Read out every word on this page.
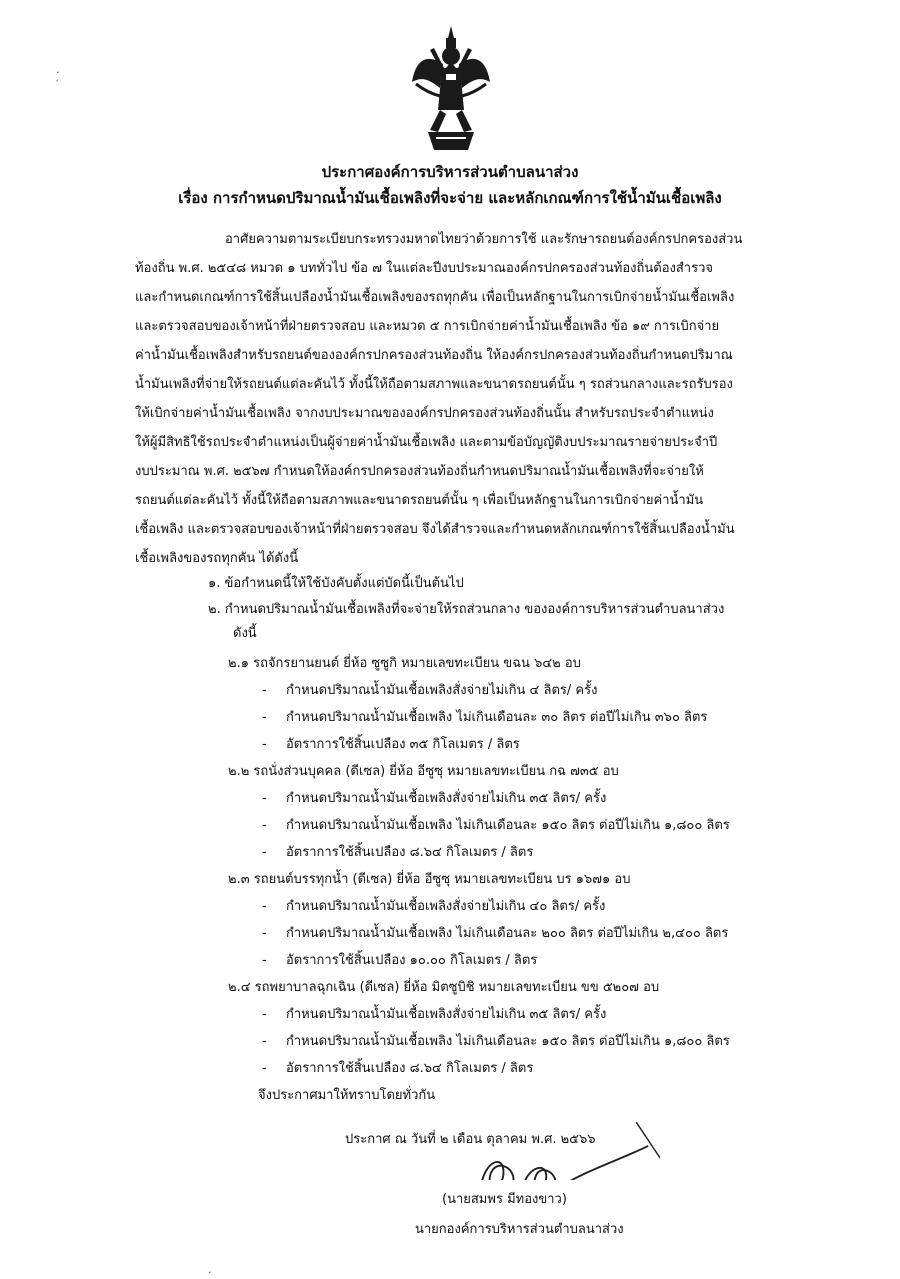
ประกาศองค์การบริหารส่วนตำบลนาส่วง
เรื่อง การกำหนดปริมาณน้ำมันเชื้อเพลิงที่จะจ่าย และหลักเกณฑ์การใช้น้ำมันเชื้อเพลิง
อาศัยความตามระเบียบกระทรวงมหาดไทยว่าด้วยการใช้ และรักษารถยนต์องค์กรปกครองส่วน
ท้องถิ่น พ.ศ. ๒๕๔๘ หมวด ๑ บททั่วไป ข้อ ๗ ในแต่ละปีงบประมาณองค์กรปกครองส่วนท้องถิ่นต้องสำรวจ
และกำหนดเกณฑ์การใช้สิ้นเปลืองน้ำมันเชื้อเพลิงของรถทุกคัน เพื่อเป็นหลักฐานในการเบิกจ่ายน้ำมันเชื้อเพลิง
และตรวจสอบของเจ้าหน้าที่ฝ่ายตรวจสอบ และหมวด ๕ การเบิกจ่ายค่าน้ำมันเชื้อเพลิง ข้อ ๑๙ การเบิกจ่าย
ค่าน้ำมันเชื้อเพลิงสำหรับรถยนต์ขององค์กรปกครองส่วนท้องถิ่น ให้องค์กรปกครองส่วนท้องถิ่นกำหนดปริมาณ
น้ำมันเพลิงที่จ่ายให้รถยนต์แต่ละคันไว้ ทั้งนี้ให้ถือตามสภาพและขนาดรถยนต์นั้น ๆ รถส่วนกลางและรถรับรอง
ให้เบิกจ่ายค่าน้ำมันเชื้อเพลิง จากงบประมาณขององค์กรปกครองส่วนท้องถิ่นนั้น สำหรับรถประจำตำแหน่ง
ให้ผู้มีสิทธิใช้รถประจำตำแหน่งเป็นผู้จ่ายค่าน้ำมันเชื้อเพลิง และตามข้อบัญญัติงบประมาณรายจ่ายประจำปี
งบประมาณ พ.ศ. ๒๕๖๗ กำหนดให้องค์กรปกครองส่วนท้องถิ่นกำหนดปริมาณน้ำมันเชื้อเพลิงที่จะจ่ายให้
รถยนต์แต่ละคันไว้ ทั้งนี้ให้ถือตามสภาพและขนาดรถยนต์นั้น ๆ เพื่อเป็นหลักฐานในการเบิกจ่ายค่าน้ำมัน
เชื้อเพลิง และตรวจสอบของเจ้าหน้าที่ฝ่ายตรวจสอบ จึงได้สำรวจและกำหนดหลักเกณฑ์การใช้สิ้นเปลืองน้ำมัน
เชื้อเพลิงของรถทุกคัน ได้ดังนี้
๑. ข้อกำหนดนี้ให้ใช้บังคับตั้งแต่บัดนี้เป็นต้นไป
๒. กำหนดปริมาณน้ำมันเชื้อเพลิงที่จะจ่ายให้รถส่วนกลาง ขององค์การบริหารส่วนตำบลนาส่วง
ดังนี้
๒.๑ รถจักรยานยนต์ ยี่ห้อ ซูซูกิ หมายเลขทะเบียน ขฉน ๖๔๒ อบ
- กำหนดปริมาณน้ำมันเชื้อเพลิงสั่งจ่ายไม่เกิน ๔ ลิตร/ ครั้ง
- กำหนดปริมาณน้ำมันเชื้อเพลิง ไม่เกินเดือนละ ๓๐ ลิตร ต่อปีไม่เกิน ๓๖๐ ลิตร
- อัตราการใช้สิ้นเปลือง ๓๕ กิโลเมตร / ลิตร
๒.๒ รถนั่งส่วนบุคคล (ดีเซล) ยี่ห้อ อีซูซุ หมายเลขทะเบียน กฉ ๗๓๕ อบ
- กำหนดปริมาณน้ำมันเชื้อเพลิงสั่งจ่ายไม่เกิน ๓๕ ลิตร/ ครั้ง
- กำหนดปริมาณน้ำมันเชื้อเพลิง ไม่เกินเดือนละ ๑๕๐ ลิตร ต่อปีไม่เกิน ๑,๘๐๐ ลิตร
- อัตราการใช้สิ้นเปลือง ๘.๖๔ กิโลเมตร / ลิตร
๒.๓ รถยนต์บรรทุกน้ำ (ดีเซล) ยี่ห้อ อีซูซุ หมายเลขทะเบียน บร ๑๖๗๑ อบ
- กำหนดปริมาณน้ำมันเชื้อเพลิงสั่งจ่ายไม่เกิน ๔๐ ลิตร/ ครั้ง
- กำหนดปริมาณน้ำมันเชื้อเพลิง ไม่เกินเดือนละ ๒๐๐ ลิตร ต่อปีไม่เกิน ๒,๔๐๐ ลิตร
- อัตราการใช้สิ้นเปลือง ๑๐.๐๐ กิโลเมตร / ลิตร
๒.๔ รถพยาบาลฉุกเฉิน (ดีเซล) ยี่ห้อ มิตซูบิชิ หมายเลขทะเบียน ขข ๕๒๐๗ อบ
- กำหนดปริมาณน้ำมันเชื้อเพลิงสั่งจ่ายไม่เกิน ๓๕ ลิตร/ ครั้ง
- กำหนดปริมาณน้ำมันเชื้อเพลิง ไม่เกินเดือนละ ๑๕๐ ลิตร ต่อปีไม่เกิน ๑,๘๐๐ ลิตร
- อัตราการใช้สิ้นเปลือง ๘.๖๔ กิโลเมตร / ลิตร
จึงประกาศมาให้ทราบโดยทั่วกัน
ประกาศ ณ วันที่ ๒ เดือน ตุลาคม พ.ศ. ๒๕๖๖
(นายสมพร มีทองขาว)
นายกองค์การบริหารส่วนตำบลนาส่วง
·
ˊ
·
